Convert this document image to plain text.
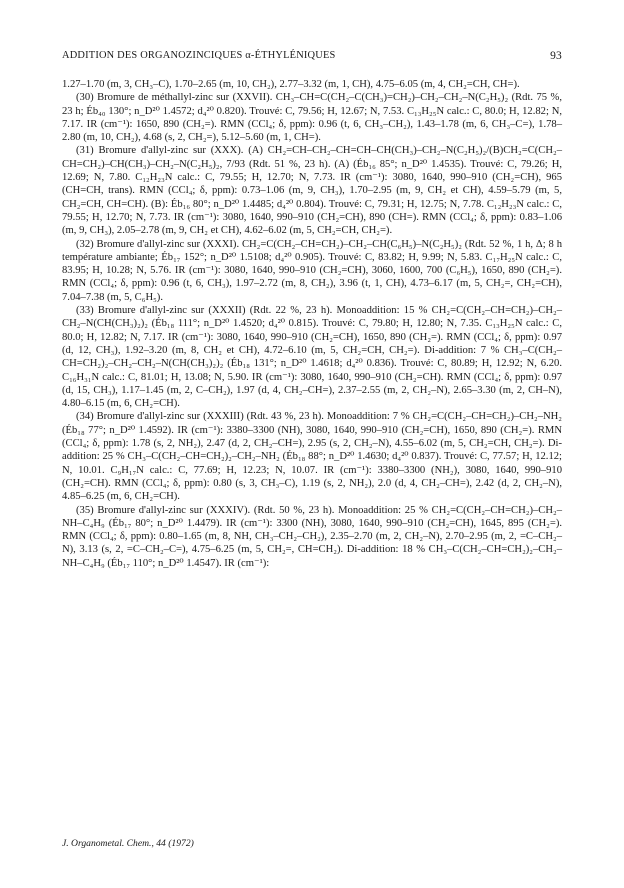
ADDITION DES ORGANOZINCIQUES α-ÉTHYLÉNIQUES	93

1.27–1.70 (m, 3, CH₃–C), 1.70–2.65 (m, 10, CH₂), 2.77–3.32 (m, 1, CH), 4.75–6.05 (m, 4, CH₂=CH, CH=).

(30) Bromure de méthallyl-zinc sur (XXVII). CH₃–CH=C(CH₂–C(CH₃)=CH₂)–CH₂–CH₂–N(C₂H₅)₂ (Rdt. 75 %, 23 h; Éb₄₀ 130°; n_D²⁰ 1.4572; d₄²⁰ 0.820). Trouvé: C, 79.56; H, 12.67; N, 7.53. C₁₃H₂₅N calc.: C, 80.0; H, 12.82; N, 7.17. IR (cm⁻¹): 1650, 890 (CH₂=). RMN (CCl₄; δ, ppm): 0.96 (t, 6, CH₃–CH₂), 1.43–1.78 (m, 6, CH₃–C=), 1.78–2.80 (m, 10, CH₂), 4.68 (s, 2, CH₂=), 5.12–5.60 (m, 1, CH=).

(31) Bromure d'allyl-zinc sur (XXX). (A) CH₂=CH–CH₂–CH=CH–CH(CH₃)–CH₂–N(C₂H₅)₂/(B)CH₂=C(CH₂–CH=CH₂)–CH(CH₃)–CH₂–N(C₂H₅)₂, 7/93 (Rdt. 51 %, 23 h). (A) (Éb₁₆ 85°; n_D²⁰ 1.4535). Trouvé: C, 79.26; H, 12.69; N, 7.80. C₁₂H₂₃N calc.: C, 79.55; H, 12.70; N, 7.73. IR (cm⁻¹): 3080, 1640, 990–910 (CH₂=CH), 965 (CH=CH, trans). RMN (CCl₄; δ, ppm): 0.73–1.06 (m, 9, CH₃), 1.70–2.95 (m, 9, CH₂ et CH), 4.59–5.79 (m, 5, CH₂=CH, CH=CH). (B): Éb₁₆ 80°; n_D²⁰ 1.4485; d₄²⁰ 0.804). Trouvé: C, 79.31; H, 12.75; N, 7.78. C₁₂H₂₃N calc.: C, 79.55; H, 12.70; N, 7.73. IR (cm⁻¹): 3080, 1640, 990–910 (CH₂=CH), 890 (CH=). RMN (CCl₄; δ, ppm): 0.83–1.06 (m, 9, CH₃), 2.05–2.78 (m, 9, CH₂ et CH), 4.62–6.02 (m, 5, CH₂=CH, CH₂=).

(32) Bromure d'allyl-zinc sur (XXXI). CH₂=C(CH₂–CH=CH₂)–CH₂–CH(C₆H₅)–N(C₂H₅)₂ (Rdt. 52 %, 1 h, Δ; 8 h température ambiante; Éb₁₇ 152°; n_D²⁰ 1.5108; d₄²⁰ 0.905). Trouvé: C, 83.82; H, 9.99; N, 5.83. C₁₇H₂₅N calc.: C, 83.95; H, 10.28; N, 5.76. IR (cm⁻¹): 3080, 1640, 990–910 (CH₂=CH), 3060, 1600, 700 (C₆H₅), 1650, 890 (CH₂=). RMN (CCl₄; δ, ppm): 0.96 (t, 6, CH₃), 1.97–2.72 (m, 8, CH₂), 3.96 (t, 1, CH), 4.73–6.17 (m, 5, CH₂=, CH₂=CH), 7.04–7.38 (m, 5, C₆H₅).

(33) Bromure d'allyl-zinc sur (XXXII) (Rdt. 22 %, 23 h). Monoaddition: 15 % CH₂=C(CH₂–CH=CH₂)–CH₂–CH₂–N(CH(CH₃)₂)₂ (Éb₁₈ 111°; n_D²⁰ 1.4520; d₄²⁰ 0.815). Trouvé: C, 79.80; H, 12.80; N, 7.35. C₁₃H₂₅N calc.: C, 80.0; H, 12.82; N, 7.17. IR (cm⁻¹): 3080, 1640, 990–910 (CH₂=CH), 1650, 890 (CH₂=). RMN (CCl₄; δ, ppm): 0.97 (d, 12, CH₃), 1.92–3.20 (m, 8, CH₂ et CH), 4.72–6.10 (m, 5, CH₂=CH, CH₂=). Di-addition: 7 % CH₃–C(CH₂–CH=CH₂)₂–CH₂–CH₂–N(CH(CH₃)₂)₂ (Éb₁₈ 131°; n_D²⁰ 1.4618; d₄²⁰ 0.836). Trouvé: C, 80.89; H, 12.92; N, 6.20. C₁₆H₃₁N calc.: C, 81.01; H, 13.08; N, 5.90. IR (cm⁻¹): 3080, 1640, 990–910 (CH₂=CH). RMN (CCl₄; δ, ppm): 0.97 (d, 15, CH₃), 1.17–1.45 (m, 2, C–CH₂), 1.97 (d, 4, CH₂–CH=), 2.37–2.55 (m, 2, CH₂–N), 2.65–3.30 (m, 2, CH–N), 4.80–6.15 (m, 6, CH₂=CH).

(34) Bromure d'allyl-zinc sur (XXXIII) (Rdt. 43 %, 23 h). Monoaddition: 7 % CH₂=C(CH₂–CH=CH₂)–CH₂–NH₂ (Éb₁₈ 77°; n_D²⁰ 1.4592). IR (cm⁻¹): 3380–3300 (NH), 3080, 1640, 990–910 (CH₂=CH), 1650, 890 (CH₂=). RMN (CCl₄; δ, ppm): 1.78 (s, 2, NH₂), 2.47 (d, 2, CH₂–CH=), 2.95 (s, 2, CH₂–N), 4.55–6.02 (m, 5, CH₂=CH, CH₂=). Di-addition: 25 % CH₃–C(CH₂–CH=CH₂)₂–CH₂–NH₂ (Éb₁₈ 88°; n_D²⁰ 1.4630; d₄²⁰ 0.837). Trouvé: C, 77.57; H, 12.12; N, 10.01. C₉H₁₇N calc.: C, 77.69; H, 12.23; N, 10.07. IR (cm⁻¹): 3380–3300 (NH₂), 3080, 1640, 990–910 (CH₂=CH). RMN (CCl₄; δ, ppm): 0.80 (s, 3, CH₃–C), 1.19 (s, 2, NH₂), 2.0 (d, 4, CH₂–CH=), 2.42 (d, 2, CH₂–N), 4.85–6.25 (m, 6, CH₂=CH).

(35) Bromure d'allyl-zinc sur (XXXIV). (Rdt. 50 %, 23 h). Monoaddition: 25 % CH₂=C(CH₂–CH=CH₂)–CH₂–NH–C₄H₉ (Éb₁₇ 80°; n_D²⁰ 1.4479). IR (cm⁻¹): 3300 (NH), 3080, 1640, 990–910 (CH₂=CH), 1645, 895 (CH₂=). RMN (CCl₄; δ, ppm): 0.80–1.65 (m, 8, NH, CH₃–CH₂–CH₂), 2.35–2.70 (m, 2, CH₂–N), 2.70–2.95 (m, 2, =C–CH₂–N), 3.13 (s, 2, =C–CH₂–C=), 4.75–6.25 (m, 5, CH₂=, CH=CH₂). Di-addition: 18 % CH₃–C(CH₂–CH=CH₂)₂–CH₂–NH–C₄H₉ (Éb₁₇ 110°; n_D²⁰ 1.4547). IR (cm⁻¹):

J. Organometal. Chem., 44 (1972)
